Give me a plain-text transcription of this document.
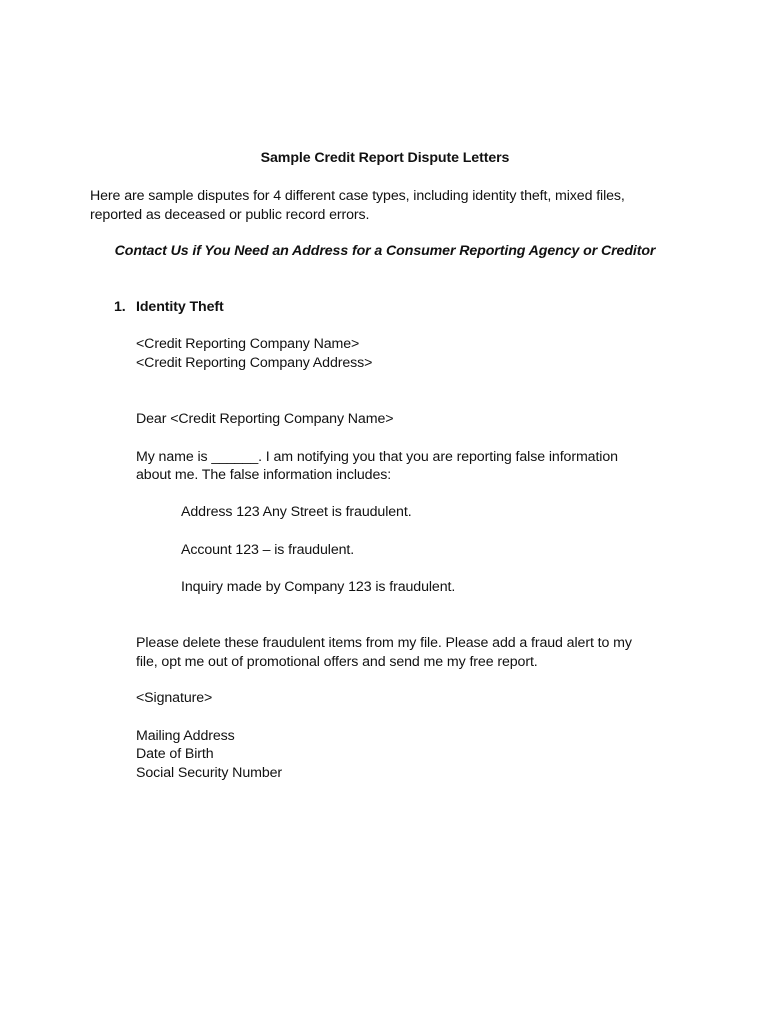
Sample Credit Report Dispute Letters
Here are sample disputes for 4 different case types, including identity theft, mixed files,
reported as deceased or public record errors.
Contact Us if You Need an Address for a Consumer Reporting Agency or Creditor
1. Identity Theft
<Credit Reporting Company Name>
<Credit Reporting Company Address>
Dear <Credit Reporting Company Name>
My name is ______. I am notifying you that you are reporting false information
about me. The false information includes:
Address 123 Any Street is fraudulent.
Account 123 – is fraudulent.
Inquiry made by Company 123 is fraudulent.
Please delete these fraudulent items from my file. Please add a fraud alert to my
file, opt me out of promotional offers and send me my free report.
<Signature>
Mailing Address
Date of Birth
Social Security Number
